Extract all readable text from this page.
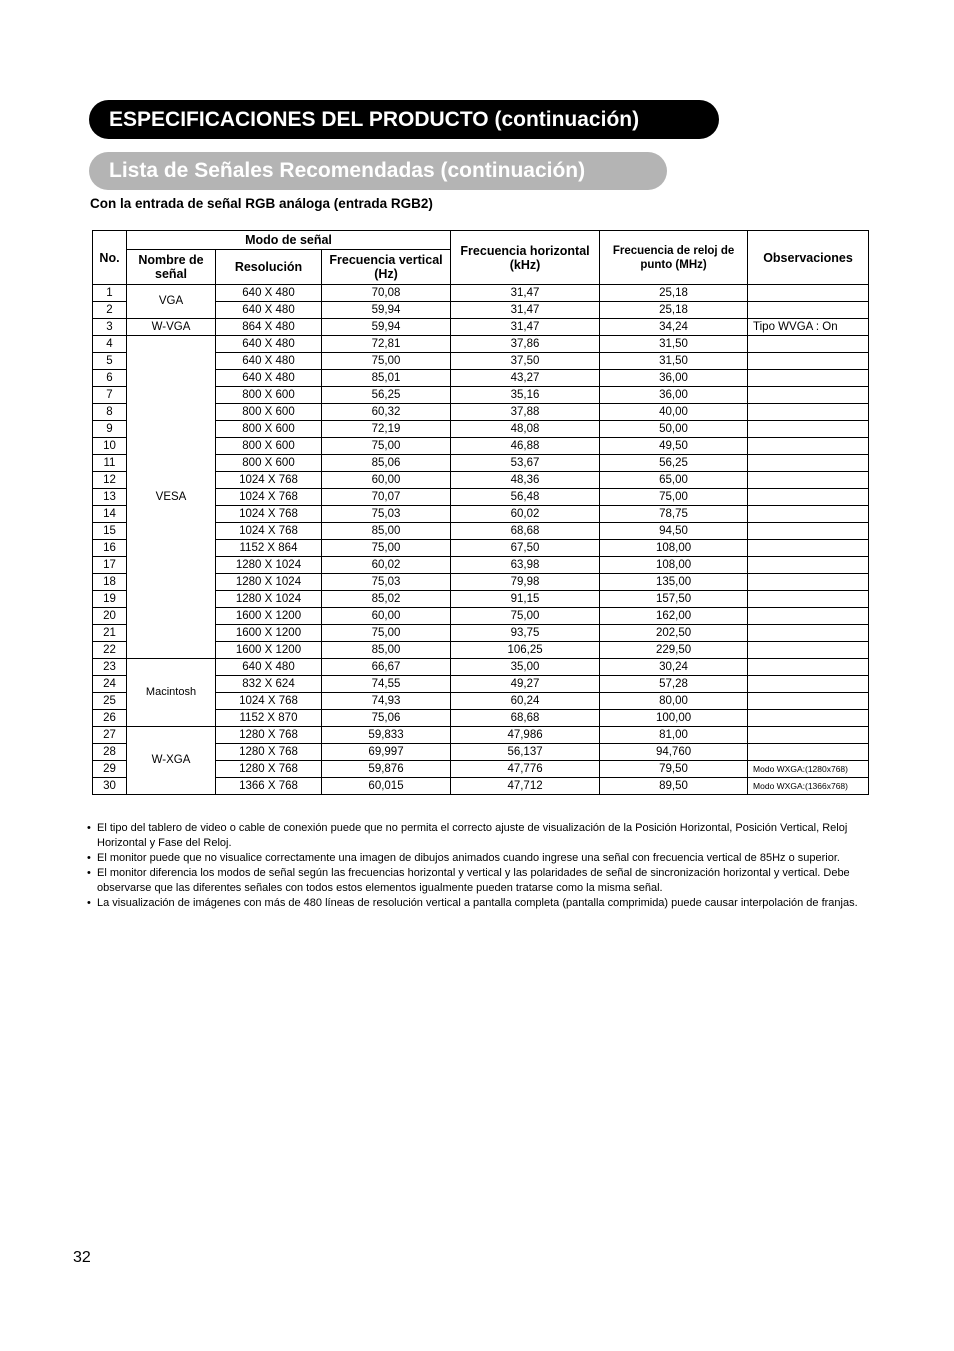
ESPECIFICACIONES DEL PRODUCTO (continuación)
Lista de Señales Recomendadas (continuación)
Con la entrada de señal RGB análoga (entrada RGB2)
No.	Modo de señal			Frecuencia horizontal (kHz)	Frecuencia de reloj de punto (MHz)	Observaciones
	Nombre de señal	Resolución	Frecuencia vertical (Hz)			
1	VGA	640 X 480	70,08	31,47	25,18	
2		640 X 480	59,94	31,47	25,18	
3	W-VGA	864 X 480	59,94	31,47	34,24	Tipo WVGA : On
4	VESA	640 X 480	72,81	37,86	31,50	
5		640 X 480	75,00	37,50	31,50	
6		640 X 480	85,01	43,27	36,00	
7		800 X 600	56,25	35,16	36,00	
8		800 X 600	60,32	37,88	40,00	
9		800 X 600	72,19	48,08	50,00	
10		800 X 600	75,00	46,88	49,50	
11		800 X 600	85,06	53,67	56,25	
12		1024 X 768	60,00	48,36	65,00	
13		1024 X 768	70,07	56,48	75,00	
14		1024 X 768	75,03	60,02	78,75	
15		1024 X 768	85,00	68,68	94,50	
16		1152 X 864	75,00	67,50	108,00	
17		1280 X 1024	60,02	63,98	108,00	
18		1280 X 1024	75,03	79,98	135,00	
19		1280 X 1024	85,02	91,15	157,50	
20		1600 X 1200	60,00	75,00	162,00	
21		1600 X 1200	75,00	93,75	202,50	
22		1600 X 1200	85,00	106,25	229,50	
23	Macintosh	640 X 480	66,67	35,00	30,24	
24		832 X 624	74,55	49,27	57,28	
25		1024 X 768	74,93	60,24	80,00	
26		1152 X 870	75,06	68,68	100,00	
27	W-XGA	1280 X 768	59,833	47,986	81,00	
28		1280 X 768	69,997	56,137	94,760	
29		1280 X 768	59,876	47,776	79,50	Modo WXGA:(1280x768)
30		1366 X 768	60,015	47,712	89,50	Modo WXGA:(1366x768)
• El tipo del tablero de video o cable de conexión puede que no permita el correcto ajuste de visualización de la Posición Horizontal, Posición Vertical, Reloj Horizontal y Fase del Reloj.
• El monitor puede que no visualice correctamente una imagen de dibujos animados cuando ingrese una señal con frecuencia vertical de 85Hz o superior.
• El monitor diferencia los modos de señal según las frecuencias horizontal y vertical y las polaridades de señal de sincronización horizontal y vertical. Debe observarse que las diferentes señales con todos estos elementos igualmente pueden tratarse como la misma señal.
• La visualización de imágenes con más de 480 líneas de resolución vertical a pantalla completa (pantalla comprimida) puede causar interpolación de franjas.
32
